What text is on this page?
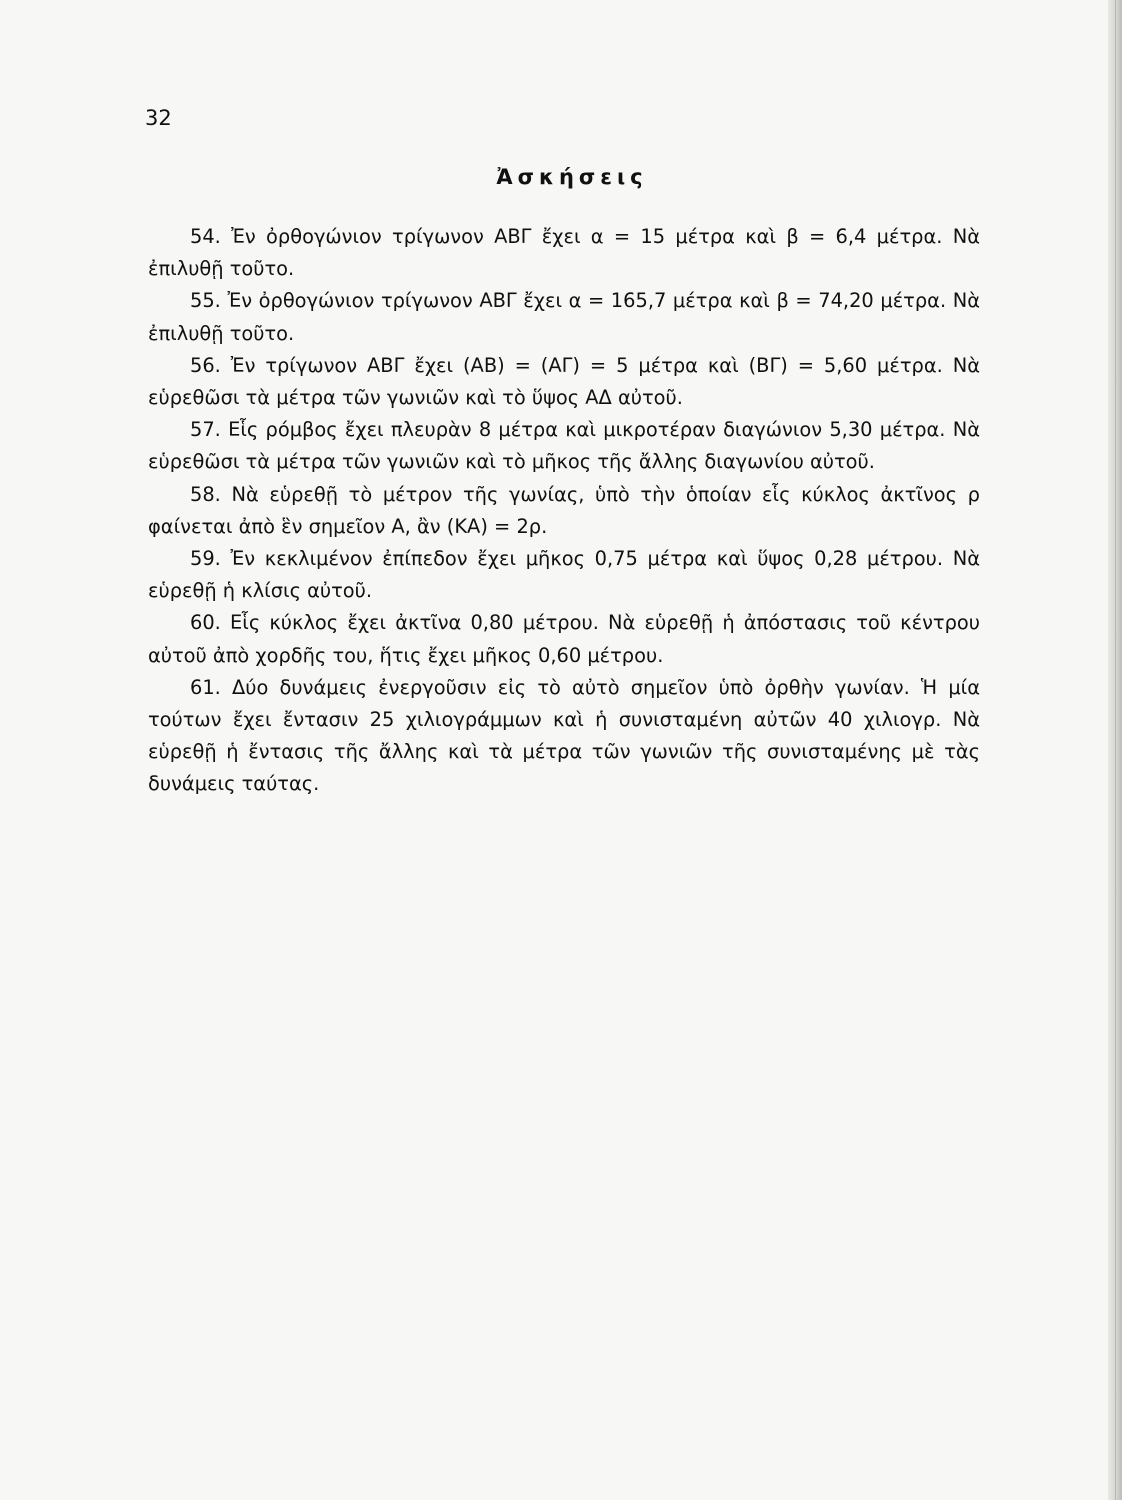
32
Ἀσκήσεις

54. Ἐν ὀρθογώνιον τρίγωνον ΑΒΓ ἔχει α = 15 μέτρα καὶ β = 6,4 μέτρα. Νὰ ἐπιλυθῇ τοῦτο.

55. Ἐν ὀρθογώνιον τρίγωνον ΑΒΓ ἔχει α = 165,7 μέτρα καὶ β = 74,20 μέτρα. Νὰ ἐπιλυθῇ τοῦτο.

56. Ἐν τρίγωνον ΑΒΓ ἔχει (ΑΒ) = (ΑΓ) = 5 μέτρα καὶ (ΒΓ) = 5,60 μέτρα. Νὰ εὑρεθῶσι τὰ μέτρα τῶν γωνιῶν καὶ τὸ ὕψος ΑΔ αὐτοῦ.

57. Εἷς ρόμβος ἔχει πλευρὰν 8 μέτρα καὶ μικροτέραν διαγώνιον 5,30 μέτρα. Νὰ εὑρεθῶσι τὰ μέτρα τῶν γωνιῶν καὶ τὸ μῆκος τῆς ἄλλης διαγωνίου αὐτοῦ.

58. Νὰ εὑρεθῇ τὸ μέτρον τῆς γωνίας, ὑπὸ τὴν ὁποίαν εἷς κύκλος ἀκτῖνος ρ φαίνεται ἀπὸ ἓν σημεῖον Α, ἂν (ΚΑ) = 2ρ.

59. Ἐν κεκλιμένον ἐπίπεδον ἔχει μῆκος 0,75 μέτρα καὶ ὕψος 0,28 μέτρου. Νὰ εὑρεθῇ ἡ κλίσις αὐτοῦ.

60. Εἷς κύκλος ἔχει ἀκτῖνα 0,80 μέτρου. Νὰ εὑρεθῇ ἡ ἀπόστασις τοῦ κέντρου αὐτοῦ ἀπὸ χορδῆς του, ἥτις ἔχει μῆκος 0,60 μέτρου.

61. Δύο δυνάμεις ἐνεργοῦσιν εἰς τὸ αὐτὸ σημεῖον ὑπὸ ὀρθὴν γωνίαν. Ἡ μία τούτων ἔχει ἔντασιν 25 χιλιογράμμων καὶ ἡ συνισταμένη αὐτῶν 40 χιλιογρ. Νὰ εὑρεθῇ ἡ ἔντασις τῆς ἄλλης καὶ τὰ μέτρα τῶν γωνιῶν τῆς συνισταμένης μὲ τὰς δυνάμεις ταύτας.
